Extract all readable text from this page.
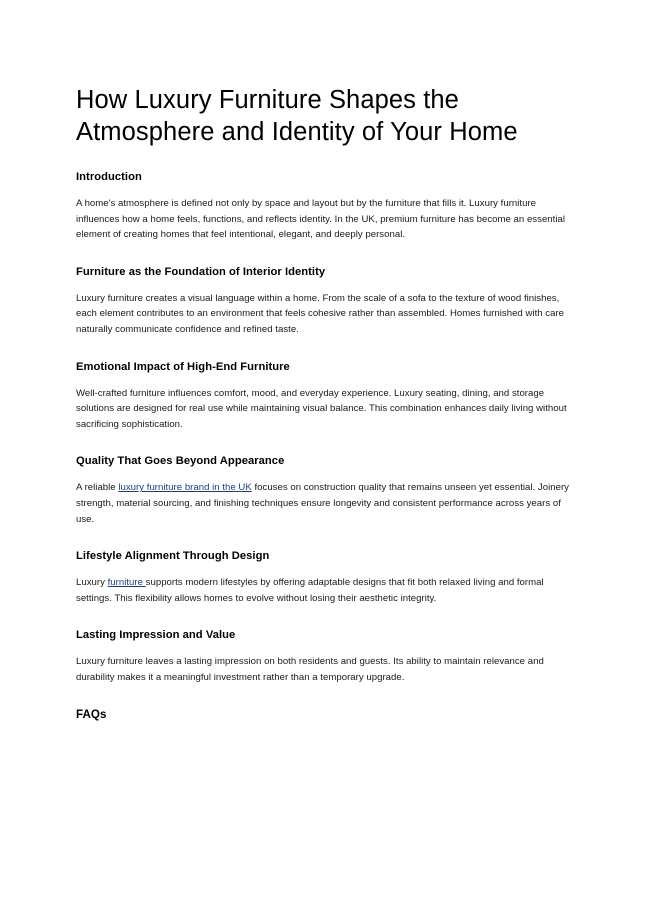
How Luxury Furniture Shapes the Atmosphere and Identity of Your Home
Introduction

A home's atmosphere is defined not only by space and layout but by the furniture that fills it. Luxury furniture influences how a home feels, functions, and reflects identity. In the UK, premium furniture has become an essential element of creating homes that feel intentional, elegant, and deeply personal.

Furniture as the Foundation of Interior Identity

Luxury furniture creates a visual language within a home. From the scale of a sofa to the texture of wood finishes, each element contributes to an environment that feels cohesive rather than assembled. Homes furnished with care naturally communicate confidence and refined taste.

Emotional Impact of High-End Furniture

Well-crafted furniture influences comfort, mood, and everyday experience. Luxury seating, dining, and storage solutions are designed for real use while maintaining visual balance. This combination enhances daily living without sacrificing sophistication.

Quality That Goes Beyond Appearance

A reliable luxury furniture brand in the UK focuses on construction quality that remains unseen yet essential. Joinery strength, material sourcing, and finishing techniques ensure longevity and consistent performance across years of use.

Lifestyle Alignment Through Design

Luxury furniture supports modern lifestyles by offering adaptable designs that fit both relaxed living and formal settings. This flexibility allows homes to evolve without losing their aesthetic integrity.

Lasting Impression and Value

Luxury furniture leaves a lasting impression on both residents and guests. Its ability to maintain relevance and durability makes it a meaningful investment rather than a temporary upgrade.

FAQs
